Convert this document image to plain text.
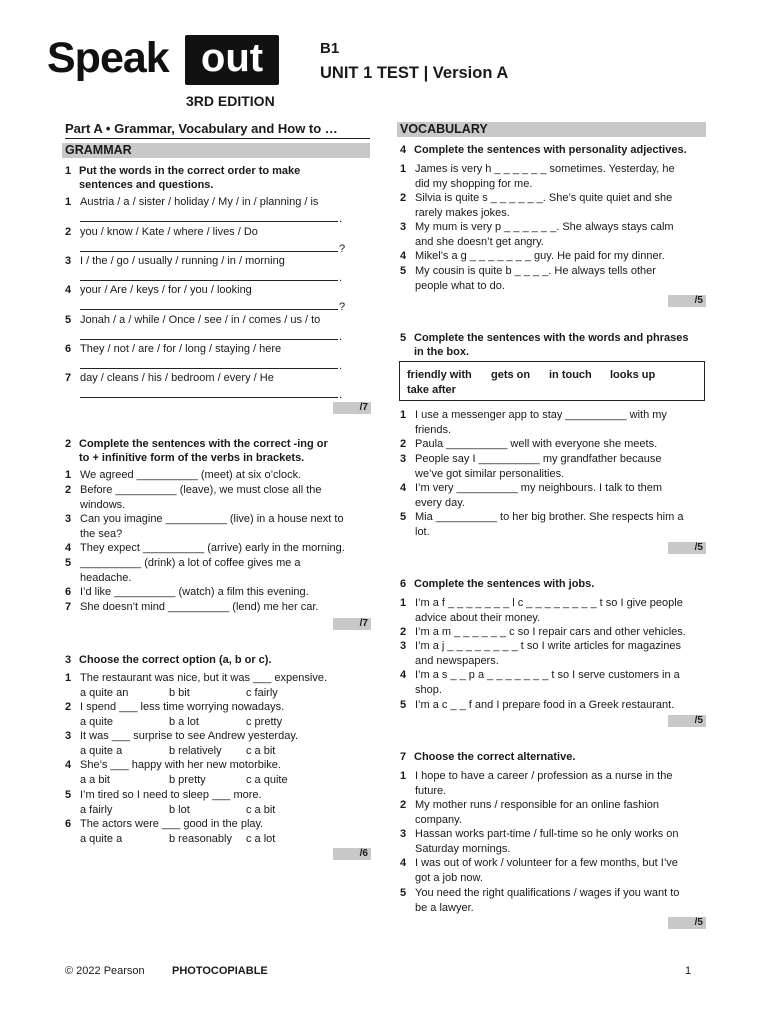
Speak out
3RD EDITION
B1
UNIT 1 TEST | Version A
Part A • Grammar, Vocabulary and How to …
GRAMMAR
1 Put the words in the correct order to make
sentences and questions.
1 Austria / a / sister / holiday / My / in / planning / is
.
2 you / know / Kate / where / lives / Do
?
3 I / the / go / usually / running / in / morning
.
4 your / Are / keys / for / you / looking
?
5 Jonah / a / while / Once / see / in / comes / us / to
.
6 They / not / are / for / long / staying / here
.
7 day / cleans / his / bedroom / every / He
.
/7
2 Complete the sentences with the correct -ing or
to + infinitive form of the verbs in brackets.
1 We agreed __________ (meet) at six o’clock.
2 Before __________ (leave), we must close all the
windows.
3 Can you imagine __________ (live) in a house next to
the sea?
4 They expect __________ (arrive) early in the morning.
5 __________ (drink) a lot of coffee gives me a
headache.
6 I’d like __________ (watch) a film this evening.
7 She doesn’t mind __________ (lend) me her car.
/7
3 Choose the correct option (a, b or c).
1 The restaurant was nice, but it was ___ expensive.
a quite an	b bit	c fairly
2 I spend ___ less time worrying nowadays.
a quite	b a lot	c pretty
3 It was ___ surprise to see Andrew yesterday.
a quite a	b relatively c a bit
4 She’s ___ happy with her new motorbike.
a a bit	b pretty	c a quite
5 I’m tired so I need to sleep ___ more.
a fairly	b lot	c a bit
6 The actors were ___ good in the play.
a quite a	b reasonably c a lot
/6
VOCABULARY
4 Complete the sentences with personality adjectives.
1 James is very h _ _ _ _ _ _ sometimes. Yesterday, he
did my shopping for me.
2 Silvia is quite s _ _ _ _ _ _. She’s quite quiet and she
rarely makes jokes.
3 My mum is very p _ _ _ _ _ _. She always stays calm
and she doesn’t get angry.
4 Mikel’s a g _ _ _ _ _ _ _ guy. He paid for my dinner.
5 My cousin is quite b _ _ _ _. He always tells other
people what to do.
/5
5 Complete the sentences with the words and phrases
in the box.
friendly with gets on in touch looks up
take after
1 I use a messenger app to stay __________ with my
friends.
2 Paula __________ well with everyone she meets.
3 People say I __________ my grandfather because
we’ve got similar personalities.
4 I’m very __________ my neighbours. I talk to them
every day.
5 Mia __________ to her big brother. She respects him a
lot.
/5
6 Complete the sentences with jobs.
1 I’m a f _ _ _ _ _ _ _ l c _ _ _ _ _ _ _ _ t so I give people
advice about their money.
2 I’m a m _ _ _ _ _ _ c so I repair cars and other vehicles.
3 I’m a j _ _ _ _ _ _ _ _ t so I write articles for magazines
and newspapers.
4 I’m a s _ _ p a _ _ _ _ _ _ _ t so I serve customers in a
shop.
5 I’m a c _ _ f and I prepare food in a Greek restaurant.
/5
7 Choose the correct alternative.
1 I hope to have a career / profession as a nurse in the
future.
2 My mother runs / responsible for an online fashion
company.
3 Hassan works part-time / full-time so he only works on
Saturday mornings.
4 I was out of work / volunteer for a few months, but I’ve
got a job now.
5 You need the right qualifications / wages if you want to
be a lawyer.
/5
© 2022 Pearson PHOTOCOPIABLE	1
